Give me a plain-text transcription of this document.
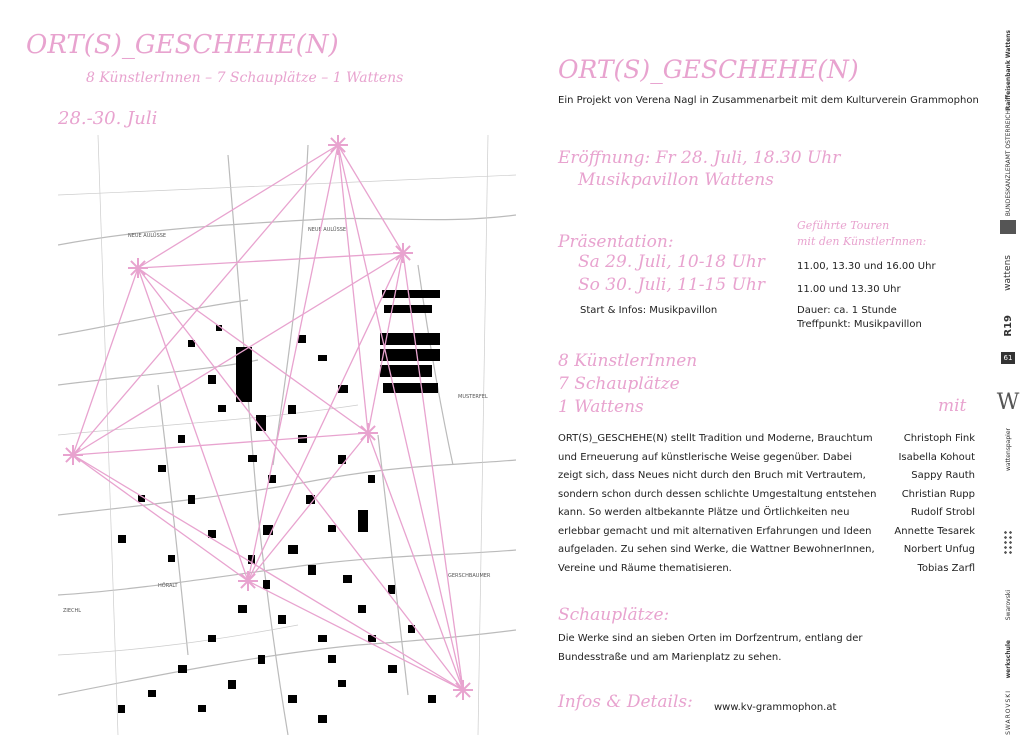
ORT(S)_GESCHEHE(N)
8 KünstlerInnen – 7 Schauplätze – 1 Wattens
28.-30. Juli
NEUE AULÜSSE
NEUE AULÜSSE
MUSTERFEL
HÖRALT
GERSCHBAUMER
ZIECHL
ORT(S)_GESCHEHE(N)
Ein Projekt von Verena Nagl in Zusammenarbeit mit dem Kulturverein Grammophon
Eröffnung: Fr 28. Juli, 18.30 Uhr
Musikpavillon Wattens
Präsentation:
Sa 29. Juli, 10-18 Uhr
So 30. Juli, 11-15 Uhr
Start & Infos: Musikpavillon
Geführte Touren
mit den KünstlerInnen:
11.00, 13.30 und 16.00 Uhr
11.00 und 13.30 Uhr
Dauer: ca. 1 Stunde
Treffpunkt: Musikpavillon
8 KünstlerInnen
7 Schauplätze
1 Wattens	mit
ORT(S)_GESCHEHE(N) stellt Tradition und Moderne, Brauchtum und Erneuerung auf künstlerische Weise gegenüber. Dabei zeigt sich, dass Neues nicht durch den Bruch mit Vertrautem, sondern schon durch dessen schlichte Umgestaltung entstehen kann. So werden altbekannte Plätze und Örtlichkeiten neu erlebbar gemacht und mit alternativen Erfahrungen und Ideen aufgeladen. Zu sehen sind Werke, die Wattner BewohnerInnen, Vereine und Räume thematisieren.
Christoph Fink
Isabella Kohout
Sappy Rauth
Christian Rupp
Rudolf Strobl
Annette Tesarek
Norbert Unfug
Tobias Zarfl
Schauplätze:
Die Werke sind an sieben Orten im Dorfzentrum, entlang der Bundesstraße und am Marienplatz zu sehen.
Infos & Details: www.kv-grammophon.at
Raiffeisenbank Wattens
BUNDESKANZLERAMT ÖSTERREICH
wattens
R19
61
W
wattenspapier
Swarovski
werkschule
SWAROVSKI
